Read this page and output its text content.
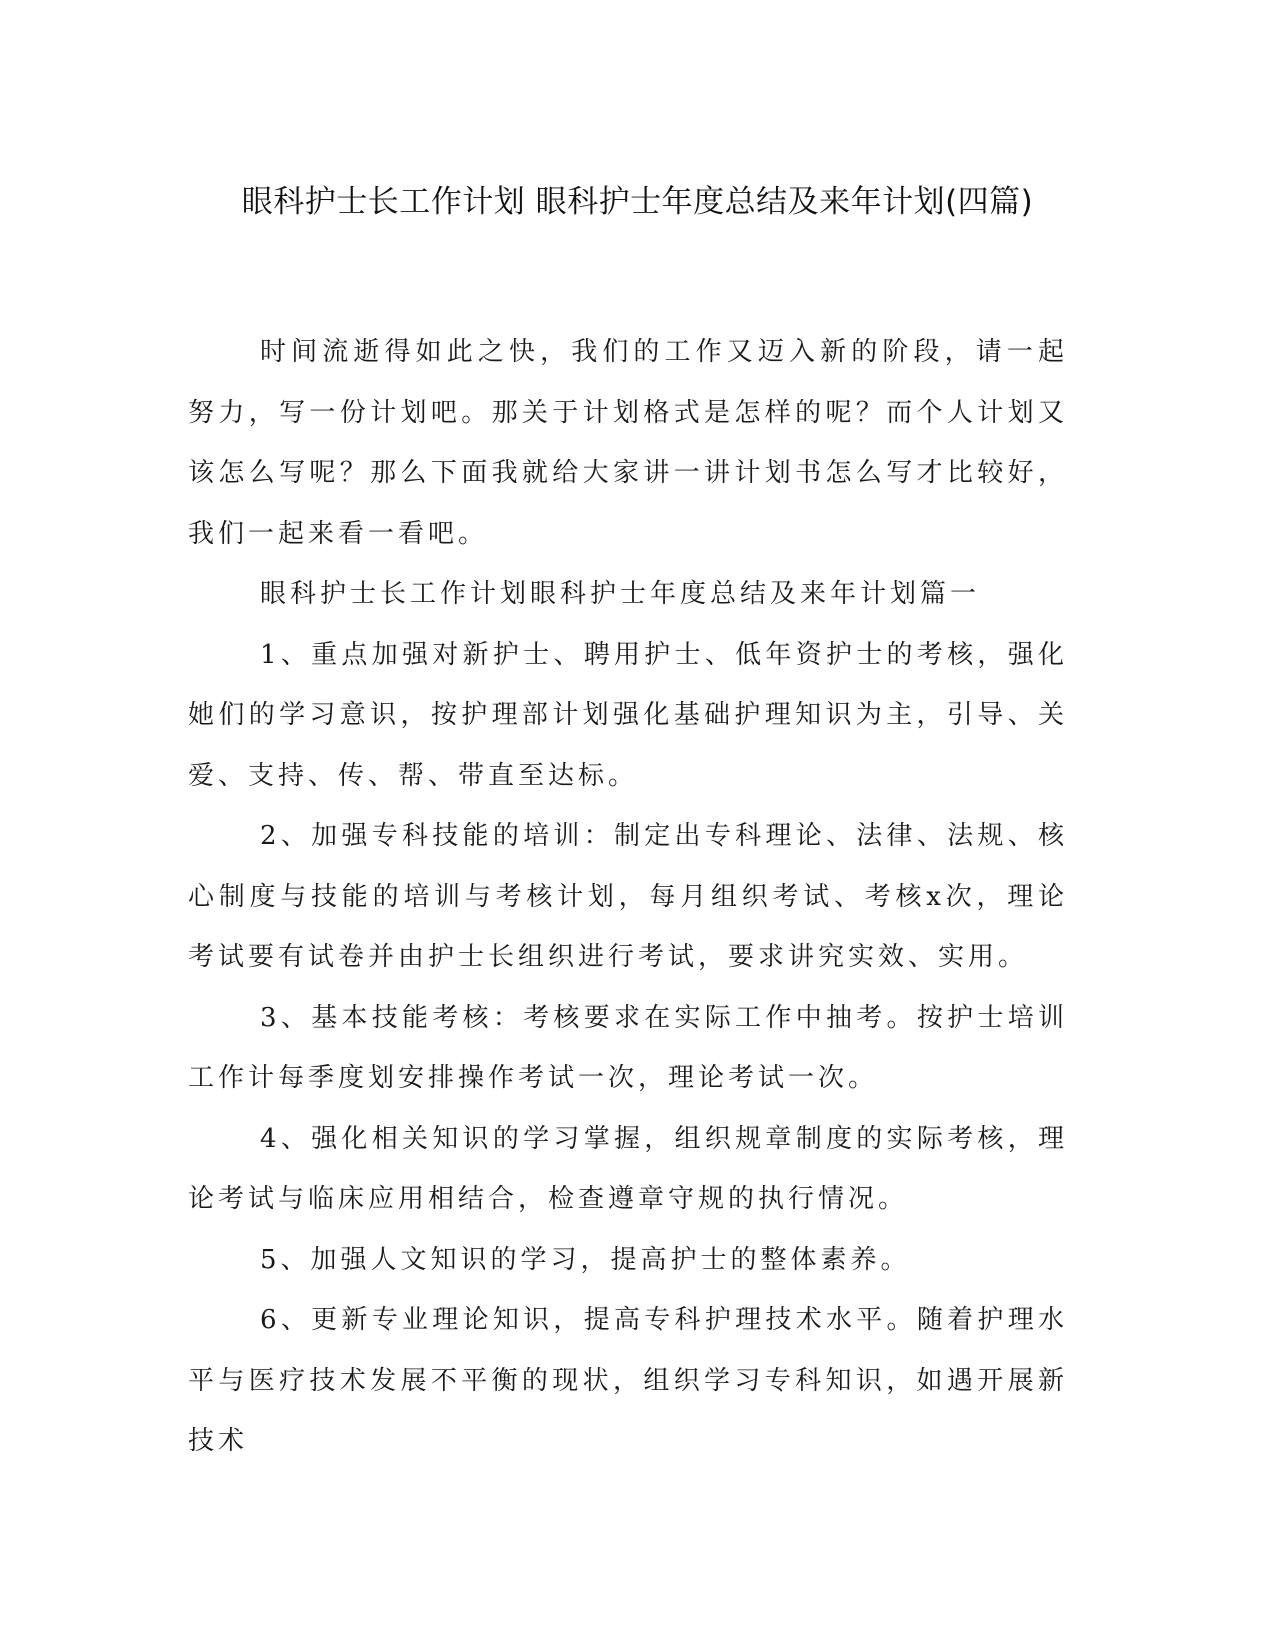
眼科护士长工作计划 眼科护士年度总结及来年计划(四篇)

时间流逝得如此之快，我们的工作又迈入新的阶段，请一起努力，写一份计划吧。那关于计划格式是怎样的呢？而个人计划又该怎么写呢？那么下面我就给大家讲一讲计划书怎么写才比较好，我们一起来看一看吧。

眼科护士长工作计划眼科护士年度总结及来年计划篇一

1、重点加强对新护士、聘用护士、低年资护士的考核，强化她们的学习意识，按护理部计划强化基础护理知识为主，引导、关爱、支持、传、帮、带直至达标。

2、加强专科技能的培训：制定出专科理论、法律、法规、核心制度与技能的培训与考核计划，每月组织考试、考核x次，理论考试要有试卷并由护士长组织进行考试，要求讲究实效、实用。

3、基本技能考核：考核要求在实际工作中抽考。按护士培训工作计每季度划安排操作考试一次，理论考试一次。

4、强化相关知识的学习掌握，组织规章制度的实际考核，理论考试与临床应用相结合，检查遵章守规的执行情况。

5、加强人文知识的学习，提高护士的整体素养。

6、更新专业理论知识，提高专科护理技术水平。随着护理水平与医疗技术发展不平衡的现状，组织学习专科知识，如遇开展新技术
